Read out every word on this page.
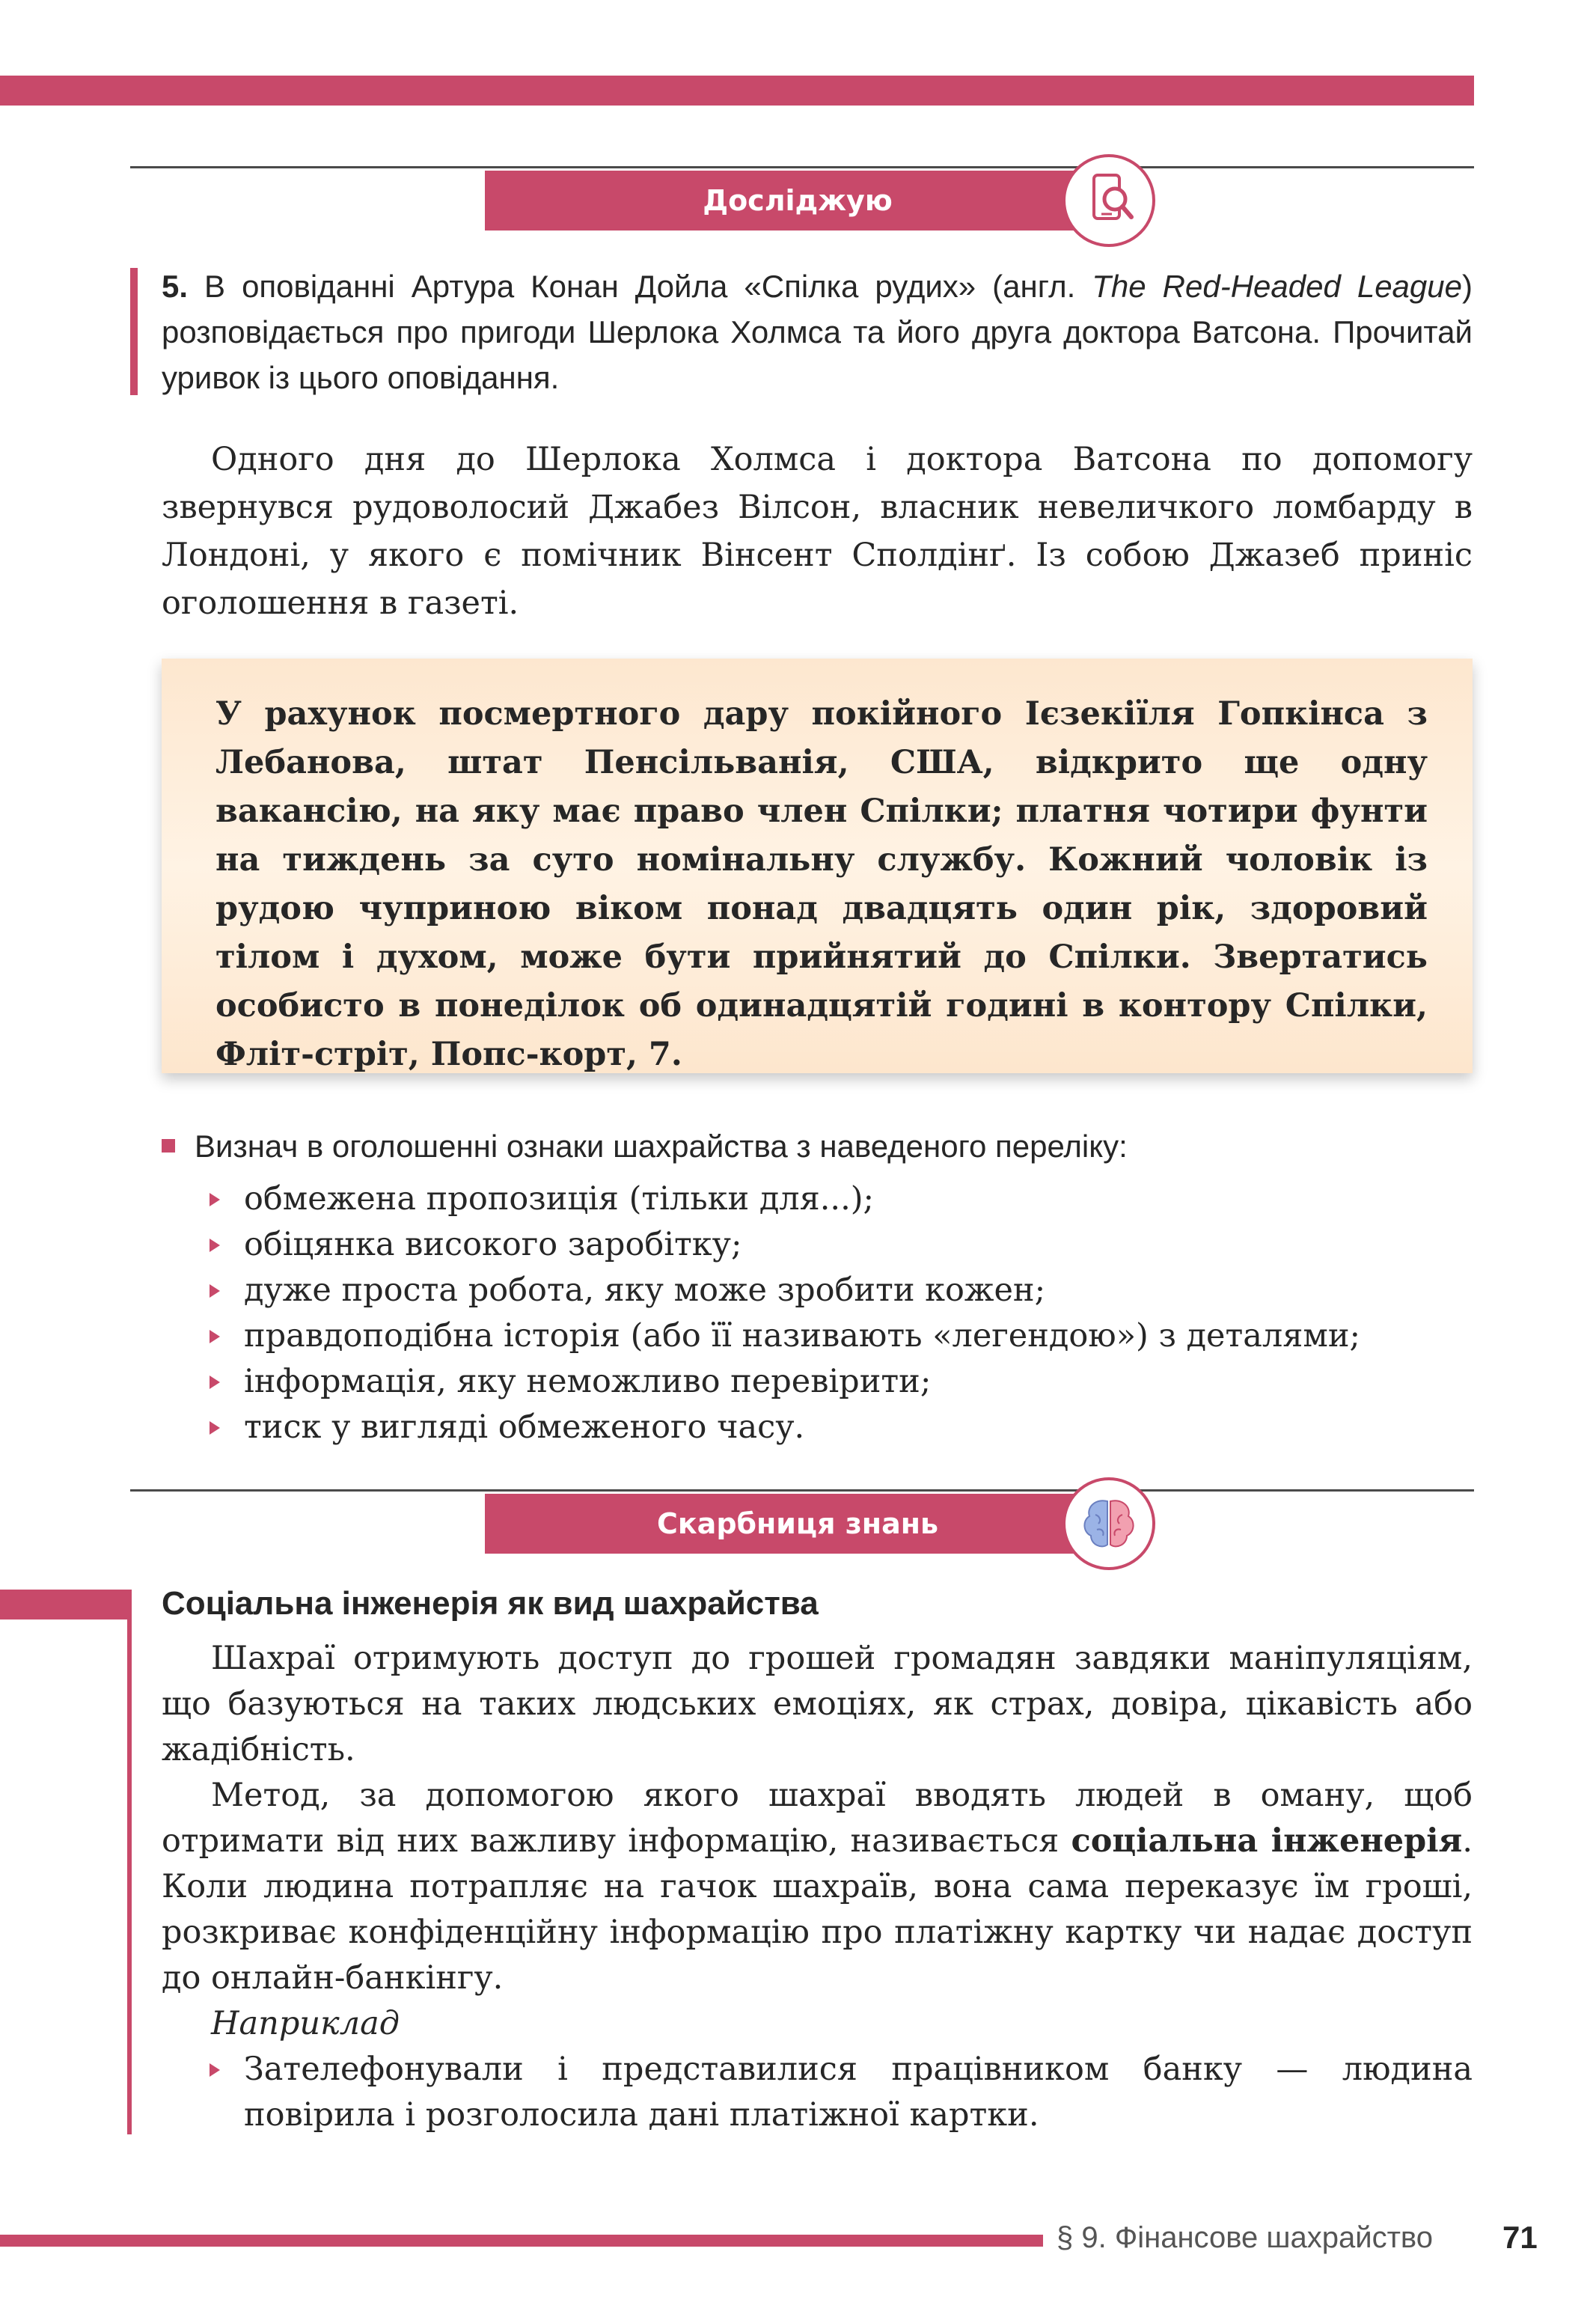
Досліджую
5. В оповіданні Артура Конан Дойла «Спілка рудих» (англ. The Red-Headed League) розповідається про пригоди Шерлока Холмса та його друга доктора Ватсона. Прочитай уривок із цього оповідання.
Одного дня до Шерлока Холмса і доктора Ватсона по допомогу звернувся рудоволосий Джабез Вілсон, власник невеличкого ломбарду в Лондоні, у якого є помічник Вінсент Сполдінґ. Із собою Джазеб приніс оголошення в газеті.
У рахунок посмертного дару покійного Ієзекіїля Гопкінса з Лебанова, штат Пенсільванія, США, відкрито ще одну вакансію, на яку має право член Спілки; платня чотири фунти на тиждень за суто номінальну службу. Кожний чоловік із рудою чуприною віком понад двадцять один рік, здоровий тілом і духом, може бути прийнятий до Спілки. Звертатись особисто в понеділок об одинадцятій годині в контору Спілки, Фліт-стріт, Попс-корт, 7.
Визнач в оголошенні ознаки шахрайства з наведеного переліку:
обмежена пропозиція (тільки для...);
обіцянка високого заробітку;
дуже проста робота, яку може зробити кожен;
правдоподібна історія (або її називають «легендою») з деталями;
інформація, яку неможливо перевірити;
тиск у вигляді обмеженого часу.
Скарбниця знань
Соціальна інженерія як вид шахрайства
Шахраї отримують доступ до грошей громадян завдяки маніпуляціям, що базуються на таких людських емоціях, як страх, довіра, цікавість або жадібність.
Метод, за допомогою якого шахраї вводять людей в оману, щоб отримати від них важливу інформацію, називається соціальна інженерія. Коли людина потрапляє на гачок шахраїв, вона сама переказує їм гроші, розкриває конфіденційну інформацію про платіжну картку чи надає доступ до онлайн-банкінгу.
Наприклад
Зателефонували і представилися працівником банку — людина повірила і розголосила дані платіжної картки.
§ 9. Фінансове шахрайство 71
